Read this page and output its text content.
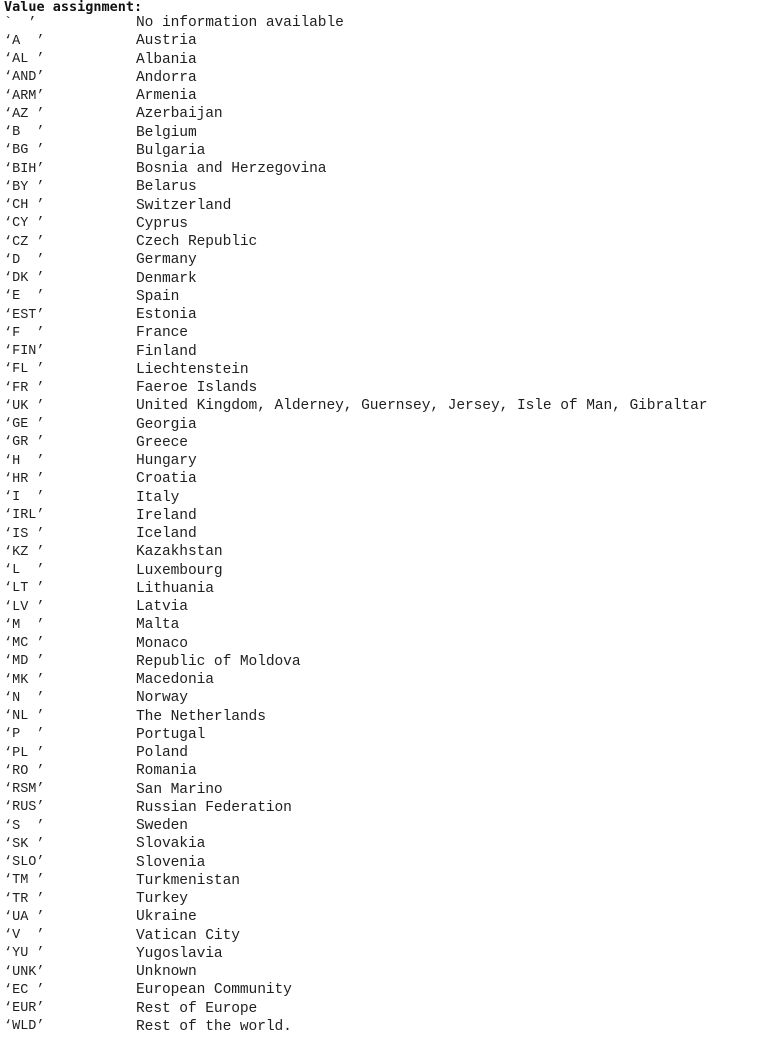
Value assignment:
`  ’	No information available
‘A  ’	Austria
‘AL ’	Albania
‘AND’	Andorra
‘ARM’	Armenia
‘AZ ’	Azerbaijan
‘B  ’	Belgium
‘BG ’	Bulgaria
‘BIH’	Bosnia and Herzegovina
‘BY ’	Belarus
‘CH ’	Switzerland
‘CY ’	Cyprus
‘CZ ’	Czech Republic
‘D  ’	Germany
‘DK ’	Denmark
‘E  ’	Spain
‘EST’	Estonia
‘F  ’	France
‘FIN’	Finland
‘FL ’	Liechtenstein
‘FR ’	Faeroe Islands
‘UK ’	United Kingdom, Alderney, Guernsey, Jersey, Isle of Man, Gibraltar
‘GE ’	Georgia
‘GR ’	Greece
‘H  ’	Hungary
‘HR ’	Croatia
‘I  ’	Italy
‘IRL’	Ireland
‘IS ’	Iceland
‘KZ ’	Kazakhstan
‘L  ’	Luxembourg
‘LT ’	Lithuania
‘LV ’	Latvia
‘M  ’	Malta
‘MC ’	Monaco
‘MD ’	Republic of Moldova
‘MK ’	Macedonia
‘N  ’	Norway
‘NL ’	The Netherlands
‘P  ’	Portugal
‘PL ’	Poland
‘RO ’	Romania
‘RSM’	San Marino
‘RUS’	Russian Federation
‘S  ’	Sweden
‘SK ’	Slovakia
‘SLO’	Slovenia
‘TM ’	Turkmenistan
‘TR ’	Turkey
‘UA ’	Ukraine
‘V  ’	Vatican City
‘YU ’	Yugoslavia
‘UNK’	Unknown
‘EC ’	European Community
‘EUR’	Rest of Europe
‘WLD’	Rest of the world.
